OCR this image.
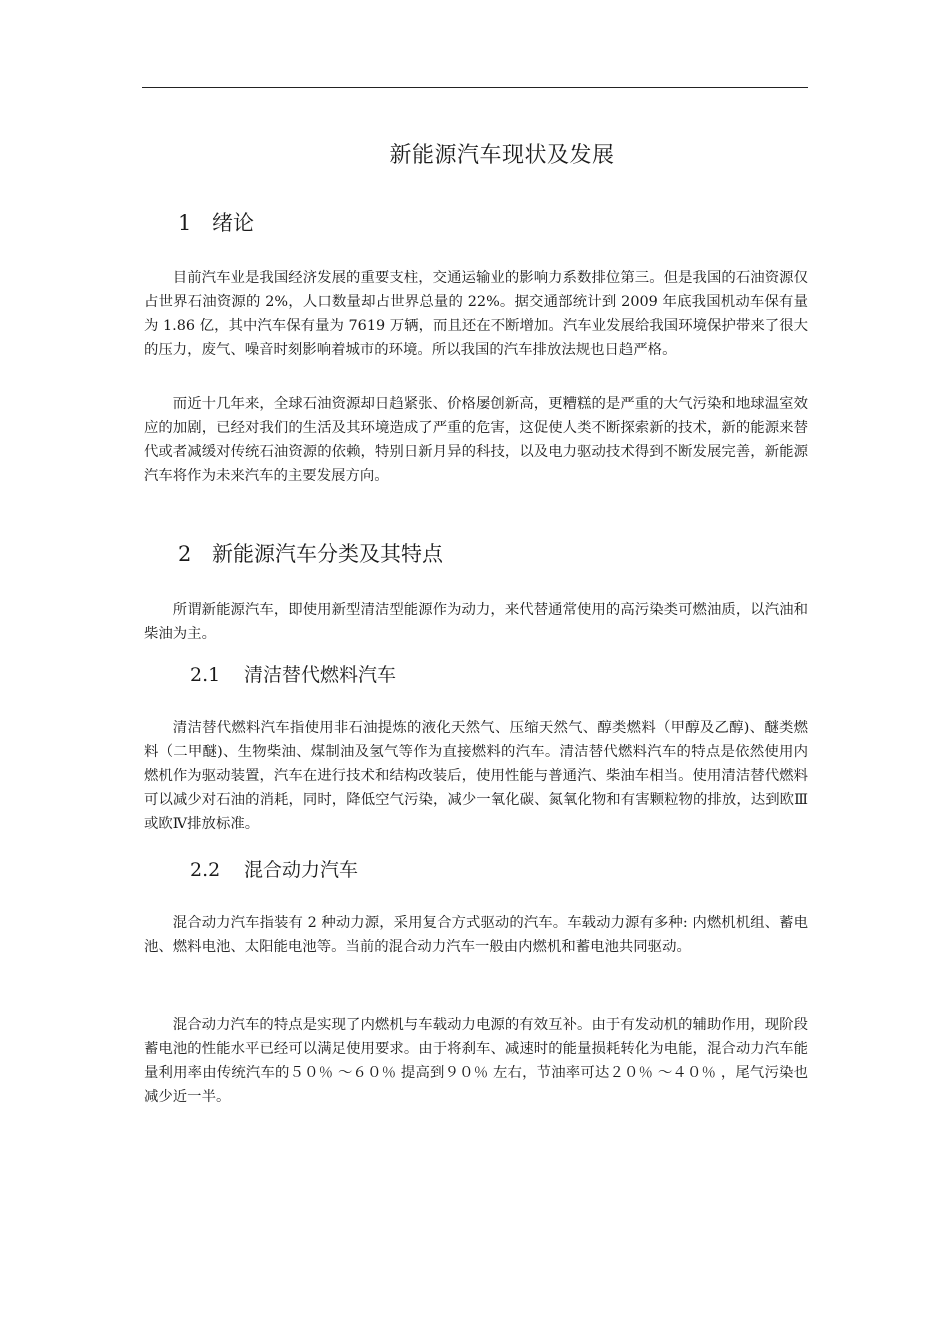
新能源汽车现状及发展
1 绪论

目前汽车业是我国经济发展的重要支柱，交通运输业的影响力系数排位第三。但是我国的石油资源仅占世界石油资源的 2%，人口数量却占世界总量的 22%。据交通部统计到 2009 年底我国机动车保有量为 1.86 亿，其中汽车保有量为 7619 万辆，而且还在不断增加。汽车业发展给我国环境保护带来了很大的压力，废气、噪音时刻影响着城市的环境。所以我国的汽车排放法规也日趋严格。

而近十几年来，全球石油资源却日趋紧张、价格屡创新高，更糟糕的是严重的大气污染和地球温室效应的加剧，已经对我们的生活及其环境造成了严重的危害，这促使人类不断探索新的技术，新的能源来替代或者减缓对传统石油资源的依赖，特别日新月异的科技，以及电力驱动技术得到不断发展完善，新能源汽车将作为未来汽车的主要发展方向。

2 新能源汽车分类及其特点

所谓新能源汽车，即使用新型清洁型能源作为动力，来代替通常使用的高污染类可燃油质，以汽油和柴油为主。

2.1 清洁替代燃料汽车

清洁替代燃料汽车指使用非石油提炼的液化天然气、压缩天然气、醇类燃料（甲醇及乙醇)、醚类燃料（二甲醚)、生物柴油、煤制油及氢气等作为直接燃料的汽车。清洁替代燃料汽车的特点是依然使用内燃机作为驱动装置，汽车在进行技术和结构改装后，使用性能与普通汽、柴油车相当。使用清洁替代燃料可以减少对石油的消耗，同时，降低空气污染，减少一氧化碳、氮氧化物和有害颗粒物的排放，达到欧Ⅲ或欧Ⅳ排放标准。

2.2 混合动力汽车

混合动力汽车指装有 2 种动力源，采用复合方式驱动的汽车。车载动力源有多种: 内燃机机组、蓄电池、燃料电池、太阳能电池等。当前的混合动力汽车一般由内燃机和蓄电池共同驱动。

混合动力汽车的特点是实现了内燃机与车载动力电源的有效互补。由于有发动机的辅助作用，现阶段蓄电池的性能水平已经可以满足使用要求。由于将刹车、减速时的能量损耗转化为电能，混合动力汽车能量利用率由传统汽车的５０％ ～６０％ 提高到９０％ 左右，节油率可达２０％ ～４０％ ，尾气污染也减少近一半。
